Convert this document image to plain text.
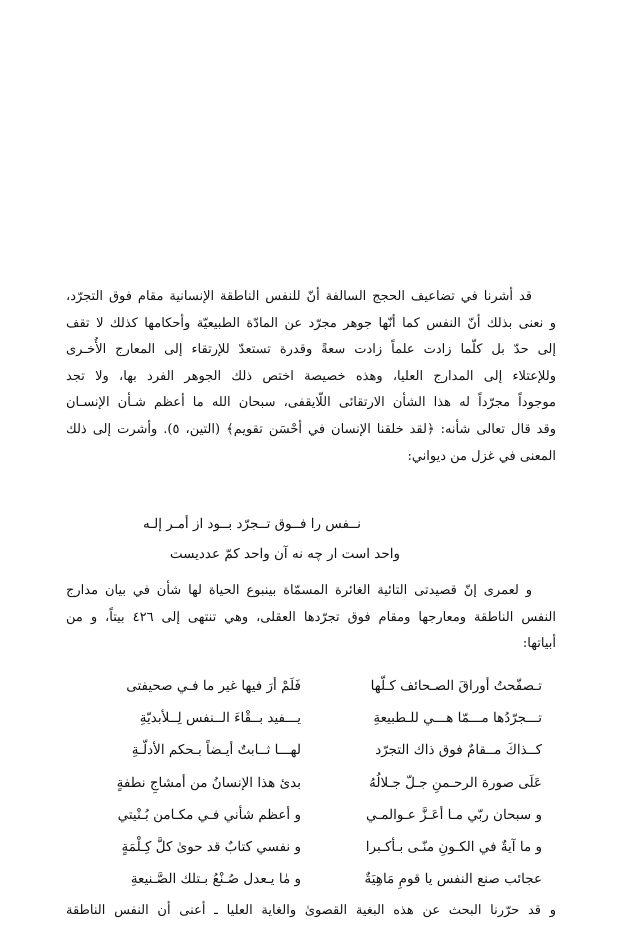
قد أشرنا في تضاعيف الحجج السالفة أنّ للنفس الناطقة الإنسانية مقام فوق التجرّد،
و نعنى بذلك أنّ النفس كما أنّها جوهر مجرّد عن المادّة الطبيعيّة وأحكامها كذلك لا تقف
إلى حدّ بل كلّما زادت علماً زادت سعةً وقدرة تستعدّ للإرتقاء إلى المعارج الأُخـرى
وللإعتلاء إلى المدارج العليا، وهذه خصيصة اختص ذلك الجوهر الفرد بها، ولا تجد
موجوداً مجرّداً له هذا الشأن الارتقائى اللّايقفى، سبحان الله ما أعظم شـأن الإنسـان
وقد قال تعالى شأنه: ﴿لقد خلقنا الإنسان في أحْسَن تقويم﴾ (التين، ٥). وأشرت إلى ذلك
المعنى في غزل من ديواني:
نــفس را فــوق تــجرّد بــود از أمـر إلـه
واحد است ار چه نه آن واحد كمّ عدديست
و لعمرى إنّ قصيدتى التائية الغائرة المسمّاة بينبوع الحياة لها شأن في بيان مدارج
النفس الناطقة ومعارجها ومقام فوق تجرّدها العقلى، وهي تنتهى إلى ٤٢٦ بيتاً، و من
أبياتها:
تـصفّحتُ أوراقَ الصـحائف كـلّها
فَلَمْ أرَ فيها غير ما فـي صحيفتى
تـــجرّدُها مـــمّا هـــي للـطبيعةِ
يـــفيد بــقْاءَ الــنفس لِــلأبديّةِ
كــذاكَ مــقامٌ فوق ذاك التجرّد
لهـــا ثــابتٌ أيـضاً بـحكم الأدلّـةِ
عَلَى صورة الرحـمنِ جـلّ جـلالُهُ
بدئ هذا الإنسانُ من أمشاجِ نطفةٍ
و سبحان ربّي مـا أعَـزَّ عـوالمـي
و أعظم شأني فـي مكـامن بُـنْيتي
و ما آيةٌ في الكـونِ منّـى بـأكـبرا
و نفسي كتابٌ قد حوىٰ كلَّ كِـلْمَةٍ
عجائب صنع النفس يا قومِ مَاهِيَةٌ
و مٰا يـعدل صُـنْعُ بـتلك الصَّـنيعةِ
و قد حرّرنا البحث عن هذه البغية القصوىٰ والغاية العليا ـ أعنى أن النفس الناطقة
